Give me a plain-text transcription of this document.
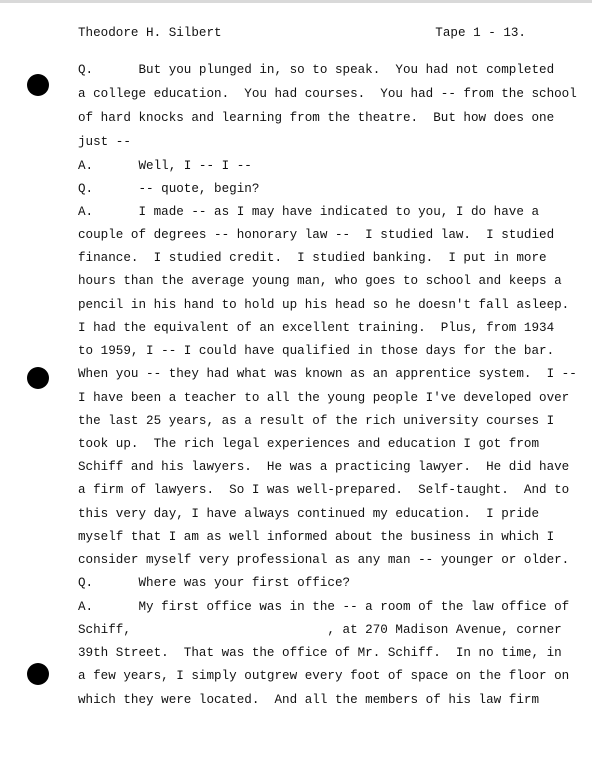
Theodore H. Silbert	Tape 1 - 13.
Q.      But you plunged in, so to speak.  You had not completed
a college education.  You had courses.  You had -- from the school
of hard knocks and learning from the theatre.  But how does one
just --
A.      Well, I -- I --
Q.      -- quote, begin?
A.      I made -- as I may have indicated to you, I do have a
couple of degrees -- honorary law --  I studied law.  I studied
finance.  I studied credit.  I studied banking.  I put in more
hours than the average young man, who goes to school and keeps a
pencil in his hand to hold up his head so he doesn't fall asleep.
I had the equivalent of an excellent training.  Plus, from 1934
to 1959, I -- I could have qualified in those days for the bar.
When you -- they had what was known as an apprentice system.  I --
I have been a teacher to all the young people I've developed over
the last 25 years, as a result of the rich university courses I
took up.  The rich legal experiences and education I got from
Schiff and his lawyers.  He was a practicing lawyer.  He did have
a firm of lawyers.  So I was well-prepared.  Self-taught.  And to
this very day, I have always continued my education.  I pride
myself that I am as well informed about the business in which I
consider myself very professional as any man -- younger or older.
Q.      Where was your first office?
A.      My first office was in the -- a room of the law office of
Schiff,                          , at 270 Madison Avenue, corner
39th Street.  That was the office of Mr. Schiff.  In no time, in
a few years, I simply outgrew every foot of space on the floor on
which they were located.  And all the members of his law firm
